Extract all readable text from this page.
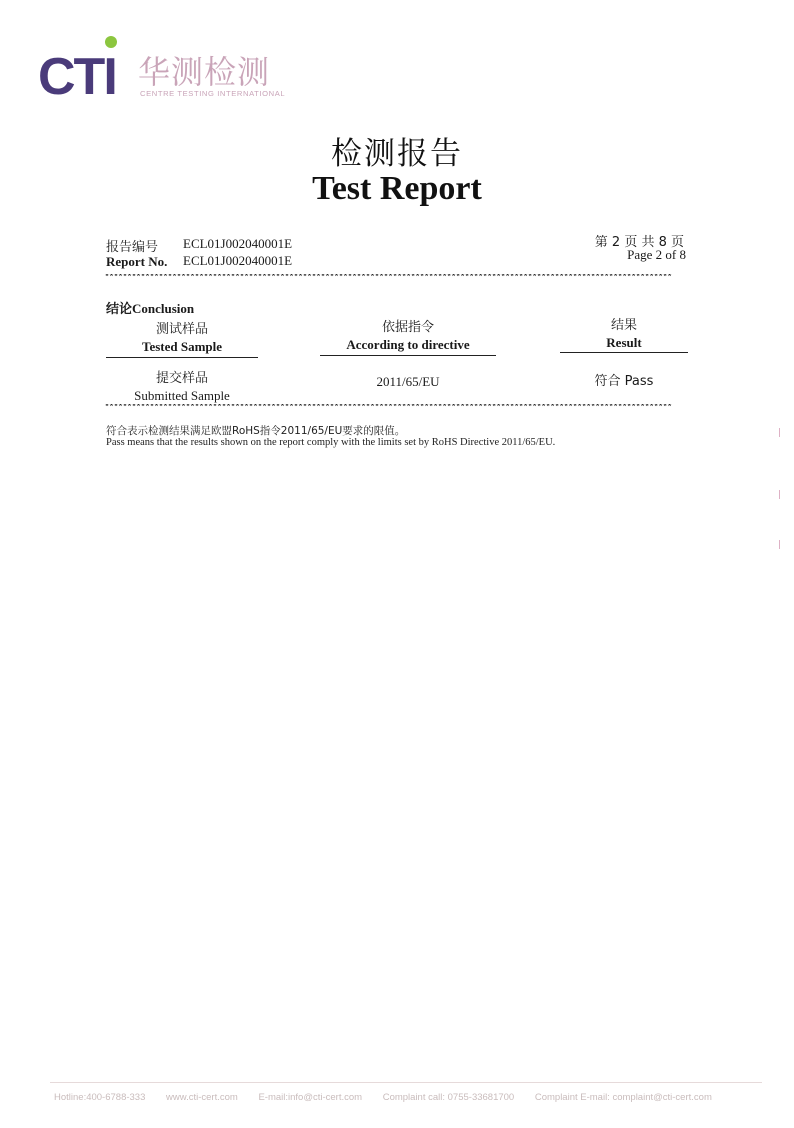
CTI 华测检测
CENTRE TESTING INTERNATIONAL
检测报告
Test Report
报告编号
Report No.
ECL01J002040001E
ECL01J002040001E
第 2 页 共 8 页
Page 2 of 8
******************************************************************************************************************************
结论Conclusion
测试样品
Tested Sample
依据指令
According to directive
结果
Result
提交样品
Submitted Sample
2011/65/EU	符合 Pass
******************************************************************************************************************************
符合表示检测结果满足欧盟RoHS指令2011/65/EU要求的限值。
Pass means that the results shown on the report comply with the limits set by RoHS Directive 2011/65/EU.
|
|
|
Hotline:400-6788-333 www.cti-cert.com E-mail:info@cti-cert.com Complaint call: 0755-33681700 Complaint E-mail: complaint@cti-cert.com
